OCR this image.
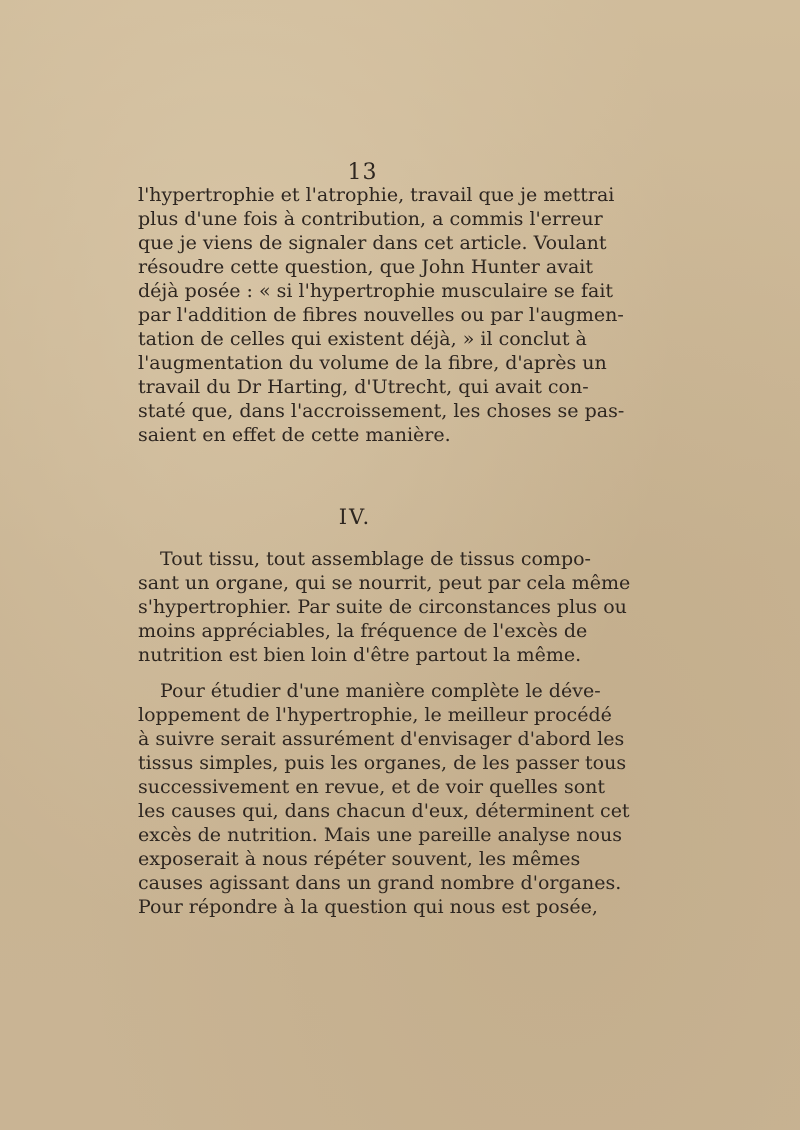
13
l'hypertrophie et l'atrophie, travail que je mettrai
plus d'une fois à contribution, a commis l'erreur
que je viens de signaler dans cet article. Voulant
résoudre cette question, que John Hunter avait
déjà posée : « si l'hypertrophie musculaire se fait
par l'addition de fibres nouvelles ou par l'augmen-
tation de celles qui existent déjà, » il conclut à
l'augmentation du volume de la fibre, d'après un
travail du Dr Harting, d'Utrecht, qui avait con-
staté que, dans l'accroissement, les choses se pas-
saient en effet de cette manière.
IV.
Tout tissu, tout assemblage de tissus compo-
sant un organe, qui se nourrit, peut par cela même
s'hypertrophier. Par suite de circonstances plus ou
moins appréciables, la fréquence de l'excès de
nutrition est bien loin d'être partout la même.
Pour étudier d'une manière complète le déve-
loppement de l'hypertrophie, le meilleur procédé
à suivre serait assurément d'envisager d'abord les
tissus simples, puis les organes, de les passer tous
successivement en revue, et de voir quelles sont
les causes qui, dans chacun d'eux, déterminent cet
excès de nutrition. Mais une pareille analyse nous
exposerait à nous répéter souvent, les mêmes
causes agissant dans un grand nombre d'organes.
Pour répondre à la question qui nous est posée,
